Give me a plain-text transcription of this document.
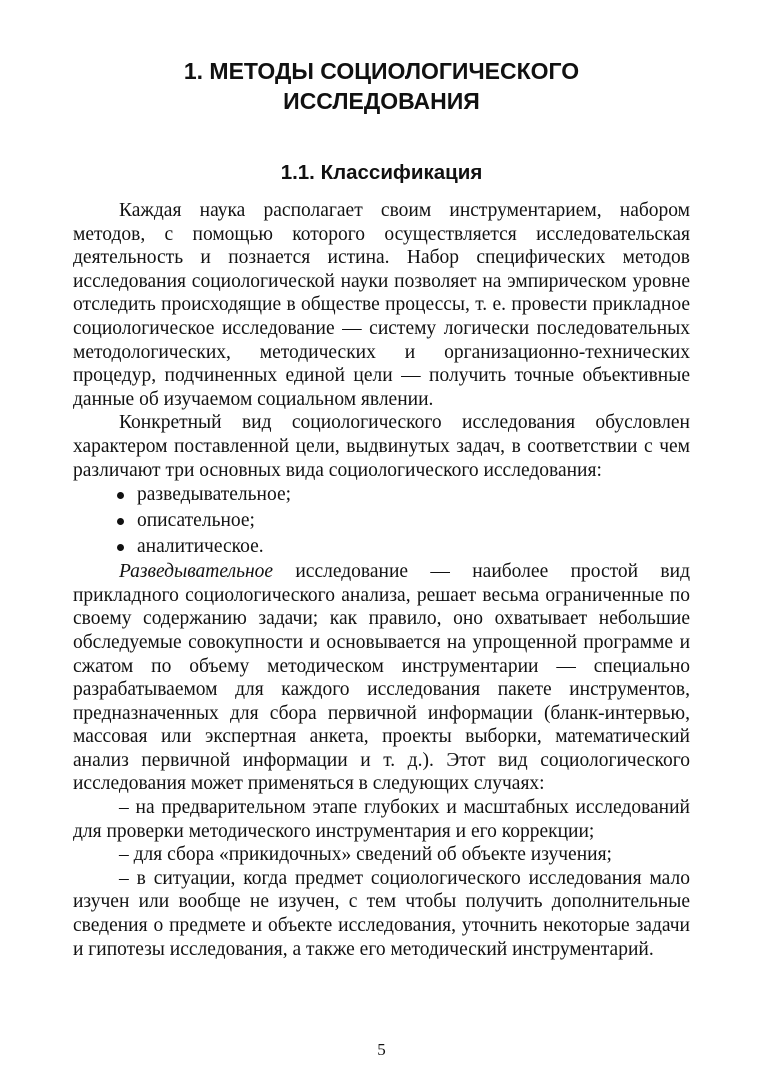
1. МЕТОДЫ СОЦИОЛОГИЧЕСКОГО
ИССЛЕДОВАНИЯ
1.1. Классификация

Каждая наука располагает своим инструментарием, набором методов, с помощью которого осуществляется исследовательская деятельность и познается истина. Набор специфических методов исследования социологической науки позволяет на эмпирическом уровне отследить происходящие в обществе процессы, т. е. провести прикладное социологическое исследование — систему логически последовательных методологических, методических и организационно-технических процедур, подчиненных единой цели — получить точные объективные данные об изучаемом социальном явлении.

Конкретный вид социологического исследования обусловлен характером поставленной цели, выдвинутых задач, в соответствии с чем различают три основных вида социологического исследования:

разведывательное;

описательное;

аналитическое.

Разведывательное исследование — наиболее простой вид прикладного социологического анализа, решает весьма ограниченные по своему содержанию задачи; как правило, оно охватывает небольшие обследуемые совокупности и основывается на упрощенной программе и сжатом по объему методическом инструментарии — специально разрабатываемом для каждого исследования пакете инструментов, предназначенных для сбора первичной информации (бланк-интервью, массовая или экспертная анкета, проекты выборки, математический анализ первичной информации и т. д.). Этот вид социологического исследования может применяться в следующих случаях:

– на предварительном этапе глубоких и масштабных исследований для проверки методического инструментария и его коррекции;

– для сбора «прикидочных» сведений об объекте изучения;

– в ситуации, когда предмет социологического исследования мало изучен или вообще не изучен, с тем чтобы получить дополнительные сведения о предмете и объекте исследования, уточнить некоторые задачи и гипотезы исследования, а также его методический инструментарий.

5
